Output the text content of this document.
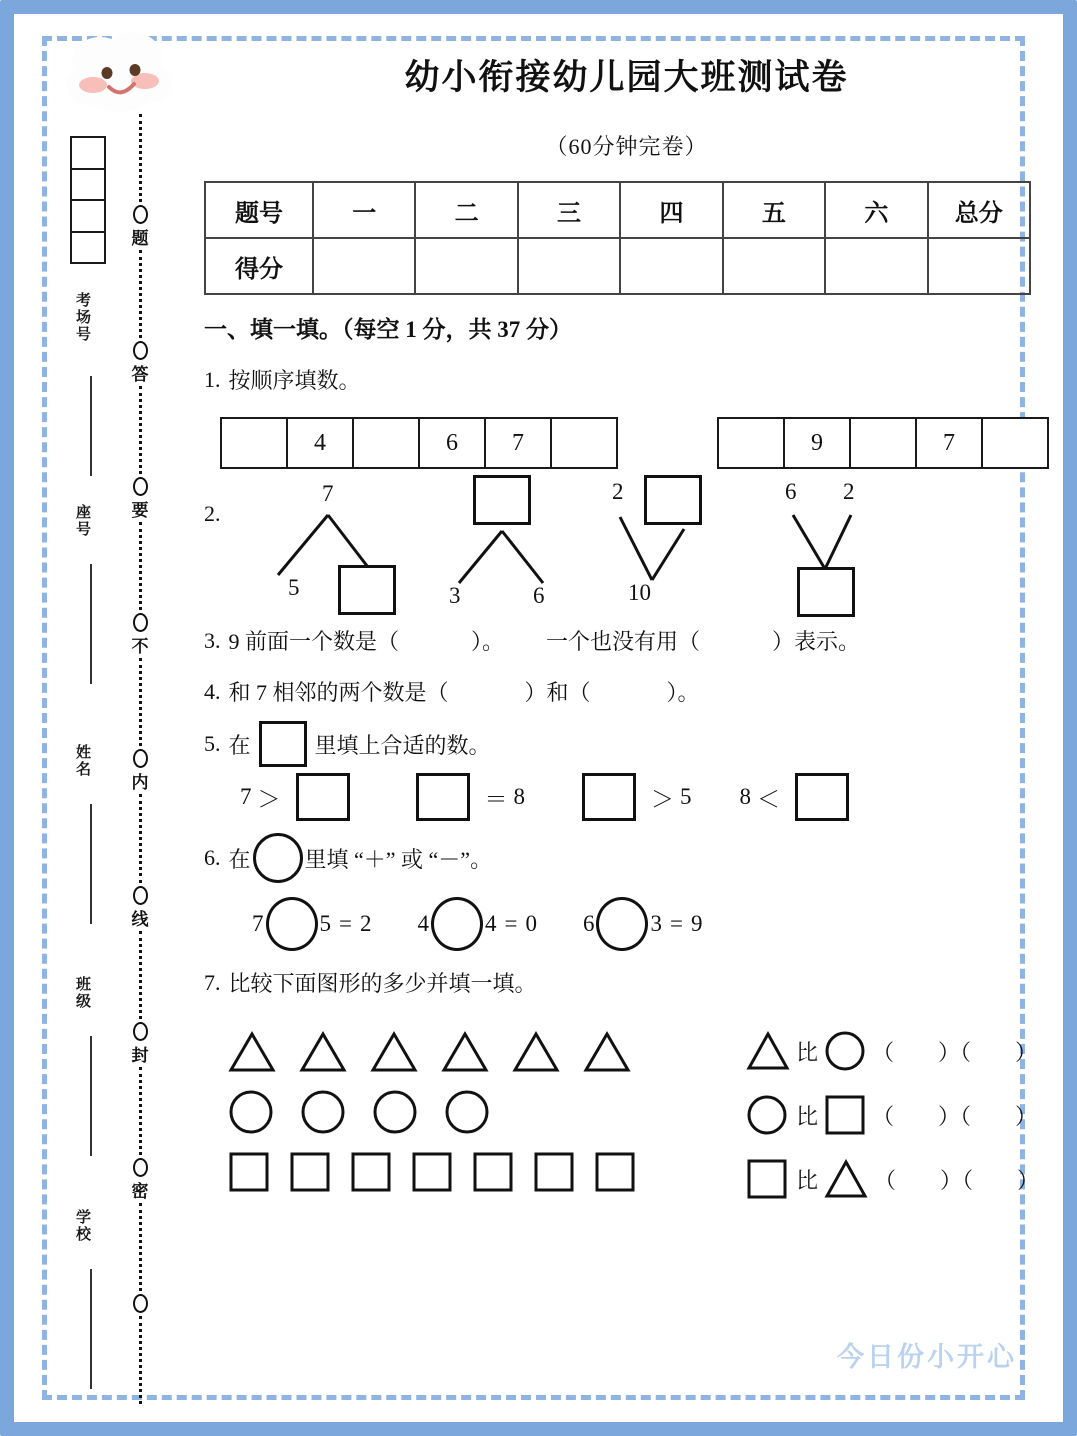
考场号
座号
姓名
班级
学校
题
答
要
不
内
线
封
密
幼小衔接幼儿园大班测试卷
（60分钟完卷）
题号	一	二	三	四	五	六	总分
得分							
一、填一填。（每空 1 分，共 37 分）
1. 按顺序填数。
4	6	7	9	7
2.
7
5	3	6
2
10
6 2
3. 9 前面一个数是（	）。 一个也没有用（	）表示。
4. 和 7 相邻的两个数是（	）和（	）。
5. 在	里填上合适的数。
7 ＞	＝ 8	＞ 5 8 ＜
6. 在 里填 “＋” 或 “－”。
7 5 = 2 4 4 = 0 6 3 = 9
7. 比较下面图形的多少并填一填。
比 （　　）（　　）
比 （　　）（　　）
比	（　　）（　　）
今日份小开心
